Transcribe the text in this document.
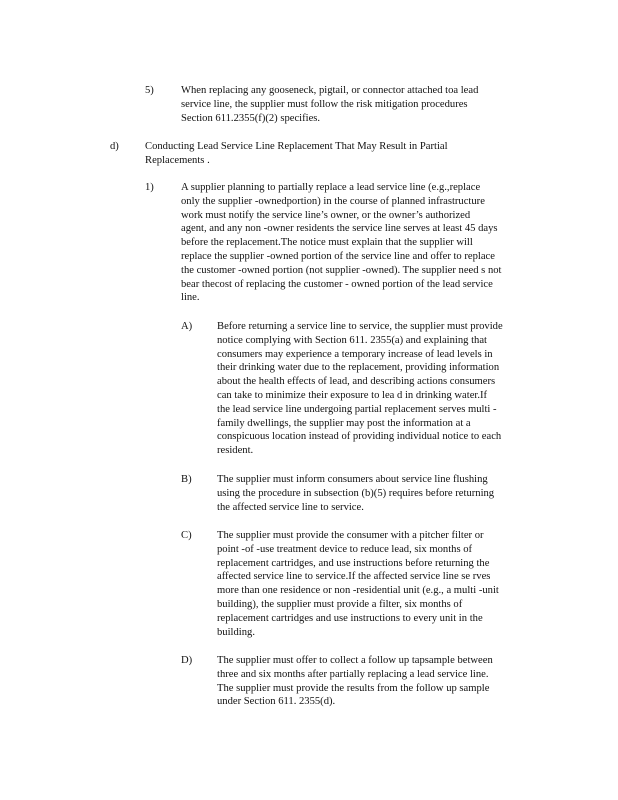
5)	When replacing any gooseneck, pigtail, or connector attached toa lead
service line, the supplier must follow the risk mitigation procedures
Section 611.2355(f)(2) specifies.
d) Conducting Lead Service Line Replacement That May Result in Partial
Replacements .
1)	A supplier planning to partially replace a lead service line (e.g.,replace
only the supplier -ownedportion) in the course of planned infrastructure
work must notify the service line’s owner, or the owner’s authorized
agent, and any non -owner residents the service line serves at least 45 days
before the replacement.The notice must explain that the supplier will
replace the supplier -owned portion of the service line and offer to replace
the customer -owned portion (not supplier -owned). The supplier need s not
bear thecost of replacing the customer - owned portion of the lead service
line.
A) Before returning a service line to service, the supplier must provide
notice complying with Section 611. 2355(a) and explaining that
consumers may experience a temporary increase of lead levels in
their drinking water due to the replacement, providing information
about the health effects of lead, and describing actions consumers
can take to minimize their exposure to lea d in drinking water.If
the lead service line undergoing partial replacement serves multi -
family dwellings, the supplier may post the information at a
conspicuous location instead of providing individual notice to each
resident.
B) The supplier must inform consumers about service line flushing
using the procedure in subsection (b)(5) requires before returning
the affected service line to service.
C) The supplier must provide the consumer with a pitcher filter or
point -of -use treatment device to reduce lead, six months of
replacement cartridges, and use instructions before returning the
affected service line to service.If the affected service line se rves
more than one residence or non -residential unit (e.g., a multi -unit
building), the supplier must provide a filter, six months of
replacement cartridges and use instructions to every unit in the
building.
D) The supplier must offer to collect a follow up tapsample between
three and six months after partially replacing a lead service line.
The supplier must provide the results from the follow up sample
under Section 611. 2355(d).
